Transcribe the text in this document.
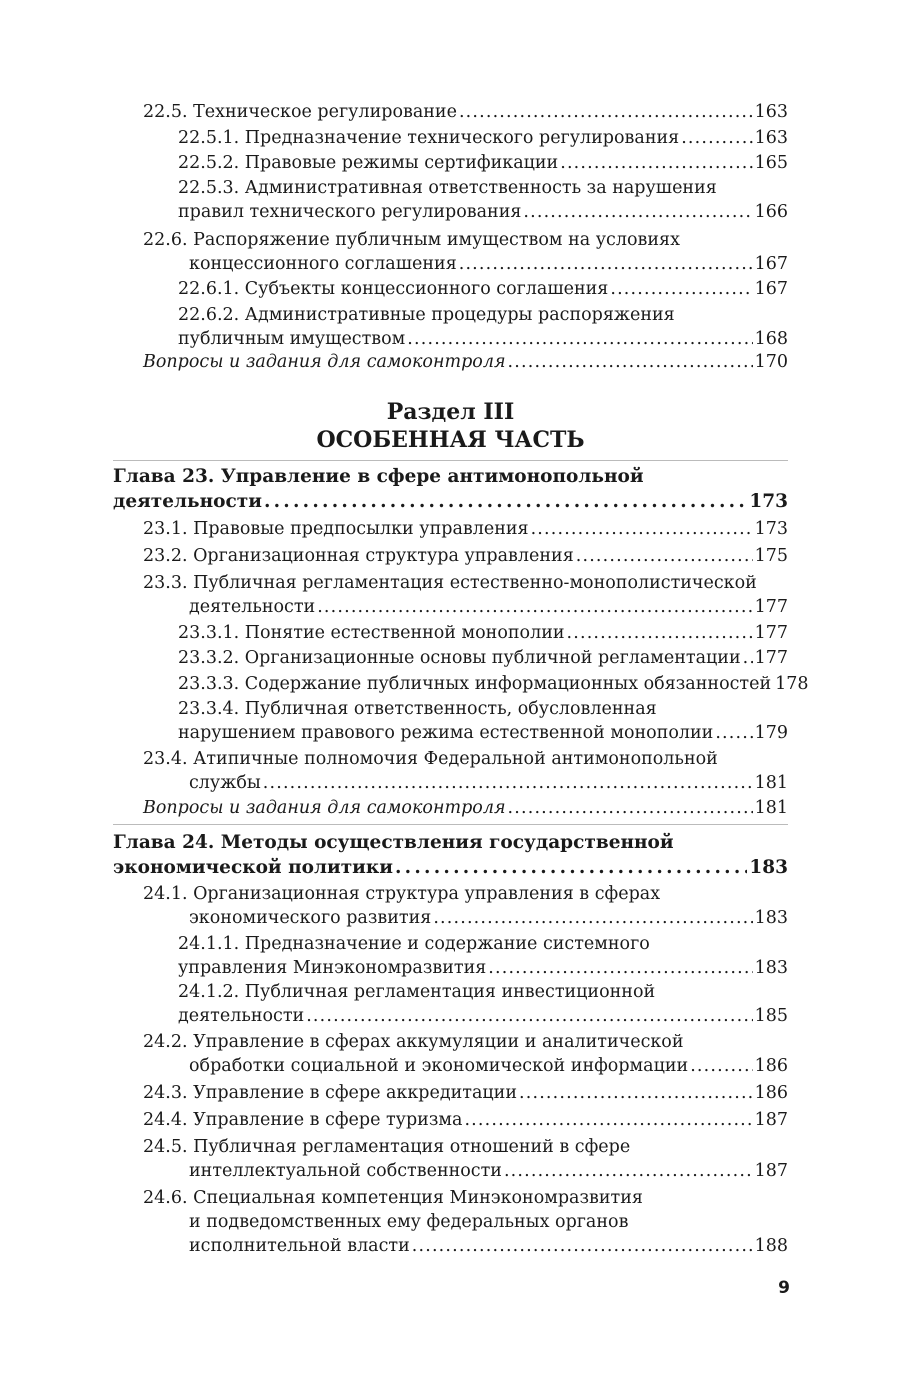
22.5. Техническое регулирование . . .	163
22.5.1. Предназначение технического регулирования . . .	163
22.5.2. Правовые режимы сертификации . . .	165
22.5.3. Административная ответственность за нарушения
правил технического регулирования . . .	166
22.6. Распоряжение публичным имуществом на условиях
концессионного соглашения . . .	167
22.6.1. Субъекты концессионного соглашения . . .	167
22.6.2. Административные процедуры распоряжения
публичным имуществом . . .	168
Вопросы и задания для самоконтроля . . .	170
Раздел III
ОСОБЕННАЯ ЧАСТЬ
Глава 23. Управление в сфере антимонопольной
деятельности . . .	173
23.1. Правовые предпосылки управления . . .	173
23.2. Организационная структура управления . . .	175
23.3. Публичная регламентация естественно-монополистической
деятельности . . .	177
23.3.1. Понятие естественной монополии . . .	177
23.3.2. Организационные основы публичной регламентации . . . 177
23.3.3. Содержание публичных информационных обязанностей 178
23.3.4. Публичная ответственность, обусловленная
нарушением правового режима естественной монополии . . . 179
23.4. Атипичные полномочия Федеральной антимонопольной
службы . . .	181
Вопросы и задания для самоконтроля . . .	181
Глава 24. Методы осуществления государственной
экономической политики . . .	183
24.1. Организационная структура управления в сферах
экономического развития . . .	183
24.1.1. Предназначение и содержание системного
управления Минэкономразвития . . .	183
24.1.2. Публичная регламентация инвестиционной
деятельности . . .	185
24.2. Управление в сферах аккумуляции и аналитической
обработки социальной и экономической информации . . .	186
24.3. Управление в сфере аккредитации . . .	186
24.4. Управление в сфере туризма . . .	187
24.5. Публичная регламентация отношений в сфере
интеллектуальной собственности . . .	187
24.6. Специальная компетенция Минэкономразвития
и подведомственных ему федеральных органов
исполнительной власти . . .	188
9
